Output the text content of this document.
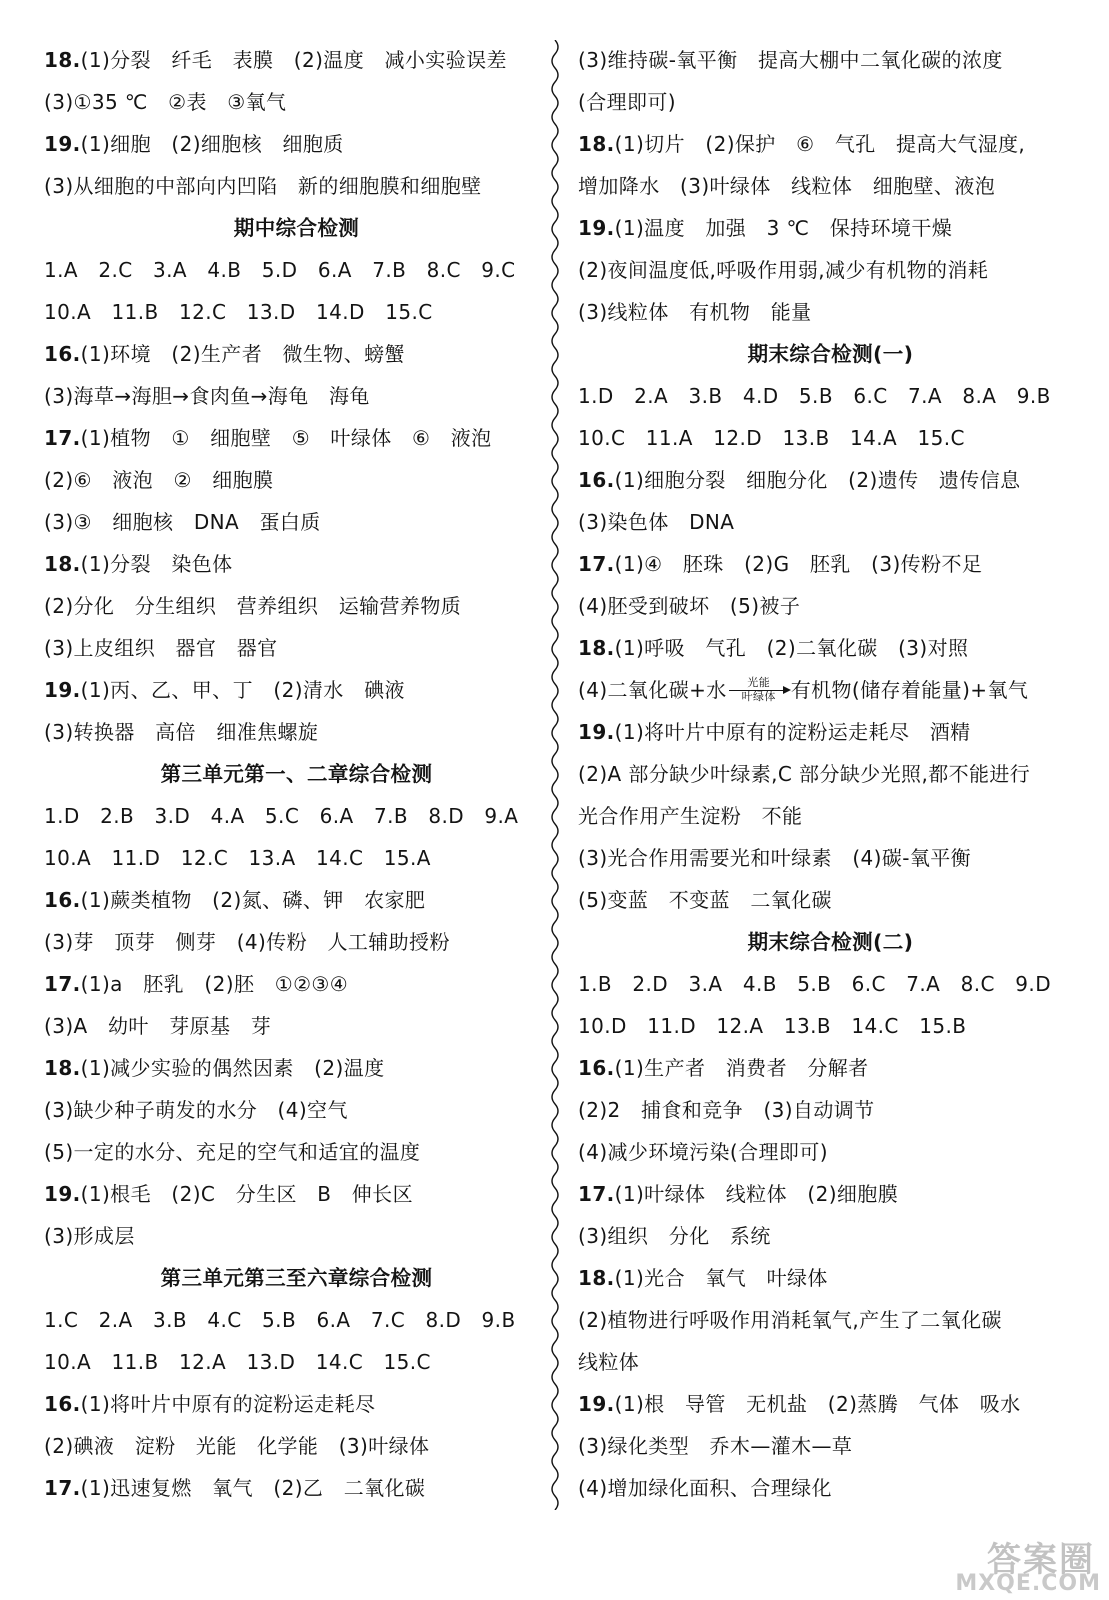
18.(1)分裂　纤毛　表膜　(2)温度　减小实验误差
(3)①35 ℃　②表　③氧气
19.(1)细胞　(2)细胞核　细胞质
(3)从细胞的中部向内凹陷　新的细胞膜和细胞壁
期中综合检测
1.A　2.C　3.A　4.B　5.D　6.A　7.B　8.C　9.C
10.A　11.B　12.C　13.D　14.D　15.C
16.(1)环境　(2)生产者　微生物、螃蟹
(3)海草→海胆→食肉鱼→海龟　海龟
17.(1)植物　①　细胞壁　⑤　叶绿体　⑥　液泡
(2)⑥　液泡　②　细胞膜
(3)③　细胞核　DNA　蛋白质
18.(1)分裂　染色体
(2)分化　分生组织　营养组织　运输营养物质
(3)上皮组织　器官　器官
19.(1)丙、乙、甲、丁　(2)清水　碘液
(3)转换器　高倍　细准焦螺旋
第三单元第一、二章综合检测
1.D　2.B　3.D　4.A　5.C　6.A　7.B　8.D　9.A
10.A　11.D　12.C　13.A　14.C　15.A
16.(1)蕨类植物　(2)氮、磷、钾　农家肥
(3)芽　顶芽　侧芽　(4)传粉　人工辅助授粉
17.(1)a　胚乳　(2)胚　①②③④
(3)A　幼叶　芽原基　芽
18.(1)减少实验的偶然因素　(2)温度
(3)缺少种子萌发的水分　(4)空气
(5)一定的水分、充足的空气和适宜的温度
19.(1)根毛　(2)C　分生区　B　伸长区
(3)形成层
第三单元第三至六章综合检测
1.C　2.A　3.B　4.C　5.B　6.A　7.C　8.D　9.B
10.A　11.B　12.A　13.D　14.C　15.C
16.(1)将叶片中原有的淀粉运走耗尽
(2)碘液　淀粉　光能　化学能　(3)叶绿体
17.(1)迅速复燃　氧气　(2)乙　二氧化碳
(3)维持碳-氧平衡　提高大棚中二氧化碳的浓度
(合理即可)
18.(1)切片　(2)保护　⑥　气孔　提高大气湿度,
增加降水　(3)叶绿体　线粒体　细胞壁、液泡
19.(1)温度　加强　3 ℃　保持环境干燥
(2)夜间温度低,呼吸作用弱,减少有机物的消耗
(3)线粒体　有机物　能量
期末综合检测(一)
1.D　2.A　3.B　4.D　5.B　6.C　7.A　8.A　9.B
10.C　11.A　12.D　13.B　14.A　15.C
16.(1)细胞分裂　细胞分化　(2)遗传　遗传信息
(3)染色体　DNA
17.(1)④　胚珠　(2)G　胚乳　(3)传粉不足
(4)胚受到破坏　(5)被子
18.(1)呼吸　气孔　(2)二氧化碳　(3)对照
(4)二氧化碳+水	光能
叶绿体 有机物(储存着能量)+氧气
19.(1)将叶片中原有的淀粉运走耗尽　酒精
(2)A 部分缺少叶绿素,C 部分缺少光照,都不能进行
光合作用产生淀粉　不能
(3)光合作用需要光和叶绿素　(4)碳-氧平衡
(5)变蓝　不变蓝　二氧化碳
期末综合检测(二)
1.B　2.D　3.A　4.B　5.B　6.C　7.A　8.C　9.D
10.D　11.D　12.A　13.B　14.C　15.B
16.(1)生产者　消费者　分解者
(2)2　捕食和竞争　(3)自动调节
(4)减少环境污染(合理即可)
17.(1)叶绿体　线粒体　(2)细胞膜
(3)组织　分化　系统
18.(1)光合　氧气　叶绿体
(2)植物进行呼吸作用消耗氧气,产生了二氧化碳
线粒体
19.(1)根　导管　无机盐　(2)蒸腾　气体　吸水
(3)绿化类型　乔木—灌木—草
(4)增加绿化面积、合理绿化
答案圈
MXQE.COM
